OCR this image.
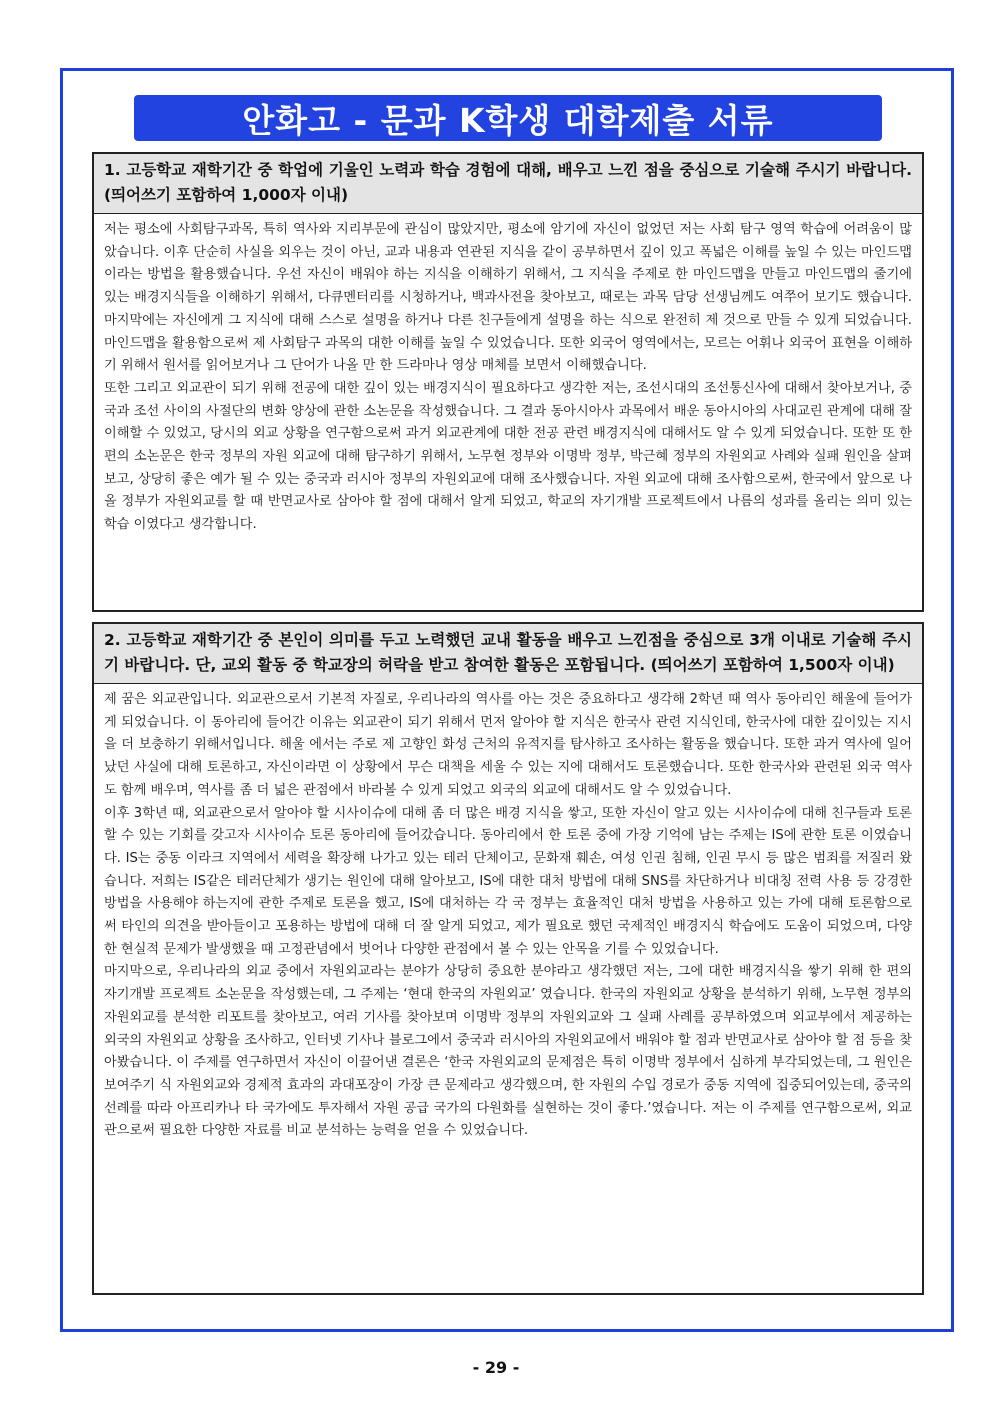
안화고 - 문과 K학생 대학제출 서류
1. 고등학교 재학기간 중 학업에 기울인 노력과 학습 경험에 대해, 배우고 느낀 점을 중심으로 기술해 주시기 바랍니다.(띄어쓰기 포함하여 1,000자 이내)

저는 평소에 사회탐구과목, 특히 역사와 지리부문에 관심이 많았지만, 평소에 암기에 자신이 없었던 저는 사회 탐구 영역 학습에 어려움이 많았습니다. 이후 단순히 사실을 외우는 것이 아닌, 교과 내용과 연관된 지식을 같이 공부하면서 깊이 있고 폭넓은 이해를 높일 수 있는 마인드맵이라는 방법을 활용했습니다. 우선 자신이 배워야 하는 지식을 이해하기 위해서, 그 지식을 주제로 한 마인드맵을 만들고 마인드맵의 줄기에 있는 배경지식들을 이해하기 위해서, 다큐멘터리를 시청하거나, 백과사전을 찾아보고, 때로는 과목 담당 선생님께도 여쭈어 보기도 했습니다. 마지막에는 자신에게 그 지식에 대해 스스로 설명을 하거나 다른 친구들에게 설명을 하는 식으로 완전히 제 것으로 만들 수 있게 되었습니다. 마인드맵을 활용함으로써 제 사회탐구 과목의 대한 이해를 높일 수 있었습니다. 또한 외국어 영역에서는, 모르는 어휘나 외국어 표현을 이해하기 위해서 원서를 읽어보거나 그 단어가 나올 만 한 드라마나 영상 매체를 보면서 이해했습니다.

또한 그리고 외교관이 되기 위해 전공에 대한 깊이 있는 배경지식이 필요하다고 생각한 저는, 조선시대의 조선통신사에 대해서 찾아보거나, 중국과 조선 사이의 사절단의 변화 양상에 관한 소논문을 작성했습니다. 그 결과 동아시아사 과목에서 배운 동아시아의 사대교린 관계에 대해 잘 이해할 수 있었고, 당시의 외교 상황을 연구함으로써 과거 외교관계에 대한 전공 관련 배경지식에 대해서도 알 수 있게 되었습니다. 또한 또 한편의 소논문은 한국 정부의 자원 외교에 대해 탐구하기 위해서, 노무현 정부와 이명박 정부, 박근혜 정부의 자원외교 사례와 실패 원인을 살펴보고, 상당히 좋은 예가 될 수 있는 중국과 러시아 정부의 자원외교에 대해 조사했습니다. 자원 외교에 대해 조사함으로써, 한국에서 앞으로 나올 정부가 자원외교를 할 때 반면교사로 삼아야 할 점에 대해서 알게 되었고, 학교의 자기개발 프로젝트에서 나름의 성과를 올리는 의미 있는 학습 이였다고 생각합니다.

2. 고등학교 재학기간 중 본인이 의미를 두고 노력했던 교내 활동을 배우고 느낀점을 중심으로 3개 이내로 기술해 주시기 바랍니다. 단, 교외 활동 중 학교장의 허락을 받고 참여한 활동은 포함됩니다. (띄어쓰기 포함하여 1,500자 이내)

제 꿈은 외교관입니다. 외교관으로서 기본적 자질로, 우리나라의 역사를 아는 것은 중요하다고 생각해 2학년 때 역사 동아리인 해울에 들어가게 되었습니다. 이 동아리에 들어간 이유는 외교관이 되기 위해서 먼저 알아야 할 지식은 한국사 관련 지식인데, 한국사에 대한 깊이있는 지시을 더 보충하기 위해서입니다. 해울 에서는 주로 제 고향인 화성 근처의 유적지를 탐사하고 조사하는 활동을 했습니다. 또한 과거 역사에 일어났던 사실에 대해 토론하고, 자신이라면 이 상황에서 무슨 대책을 세울 수 있는 지에 대해서도 토론했습니다. 또한 한국사와 관련된 외국 역사도 함께 배우며, 역사를 좀 더 넓은 관점에서 바라볼 수 있게 되었고 외국의 외교에 대해서도 알 수 있었습니다.

이후 3학년 때, 외교관으로서 알아야 할 시사이슈에 대해 좀 더 많은 배경 지식을 쌓고, 또한 자신이 알고 있는 시사이슈에 대해 친구들과 토론할 수 있는 기회를 갖고자 시사이슈 토론 동아리에 들어갔습니다. 동아리에서 한 토론 중에 가장 기억에 남는 주제는 IS에 관한 토론 이였습니다. IS는 중동 이라크 지역에서 세력을 확장해 나가고 있는 테러 단체이고, 문화재 훼손, 여성 인권 침해, 인권 무시 등 많은 범죄를 저질러 왔습니다. 저희는 IS같은 테러단체가 생기는 원인에 대해 알아보고, IS에 대한 대처 방법에 대해 SNS를 차단하거나 비대칭 전력 사용 등 강경한 방법을 사용해야 하는지에 관한 주제로 토론을 했고, IS에 대처하는 각 국 정부는 효율적인 대처 방법을 사용하고 있는 가에 대해 토론함으로써 타인의 의견을 받아들이고 포용하는 방법에 대해 더 잘 알게 되었고, 제가 필요로 했던 국제적인 배경지식 학습에도 도움이 되었으며, 다양한 현실적 문제가 발생했을 때 고정관념에서 벗어나 다양한 관점에서 볼 수 있는 안목을 기를 수 있었습니다.

마지막으로, 우리나라의 외교 중에서 자원외교라는 분야가 상당히 중요한 분야라고 생각했던 저는, 그에 대한 배경지식을 쌓기 위해 한 편의 자기개발 프로젝트 소논문을 작성했는데, 그 주제는 ‘현대 한국의 자원외교’ 였습니다. 한국의 자원외교 상황을 분석하기 위해, 노무현 정부의 자원외교를 분석한 리포트를 찾아보고, 여러 기사를 찾아보며 이명박 정부의 자원외교와 그 실패 사례를 공부하였으며 외교부에서 제공하는 외국의 자원외교 상황을 조사하고, 인터넷 기사나 블로그에서 중국과 러시아의 자원외교에서 배워야 할 점과 반면교사로 삼아야 할 점 등을 찾아봤습니다. 이 주제를 연구하면서 자신이 이끌어낸 결론은 ‘한국 자원외교의 문제점은 특히 이명박 정부에서 심하게 부각되었는데, 그 원인은 보여주기 식 자원외교와 경제적 효과의 과대포장이 가장 큰 문제라고 생각했으며, 한 자원의 수입 경로가 중동 지역에 집중되어있는데, 중국의 선례를 따라 아프리카나 타 국가에도 투자해서 자원 공급 국가의 다원화를 실현하는 것이 좋다.’였습니다. 저는 이 주제를 연구함으로써, 외교관으로써 필요한 다양한 자료를 비교 분석하는 능력을 얻을 수 있었습니다.

- 29 -
